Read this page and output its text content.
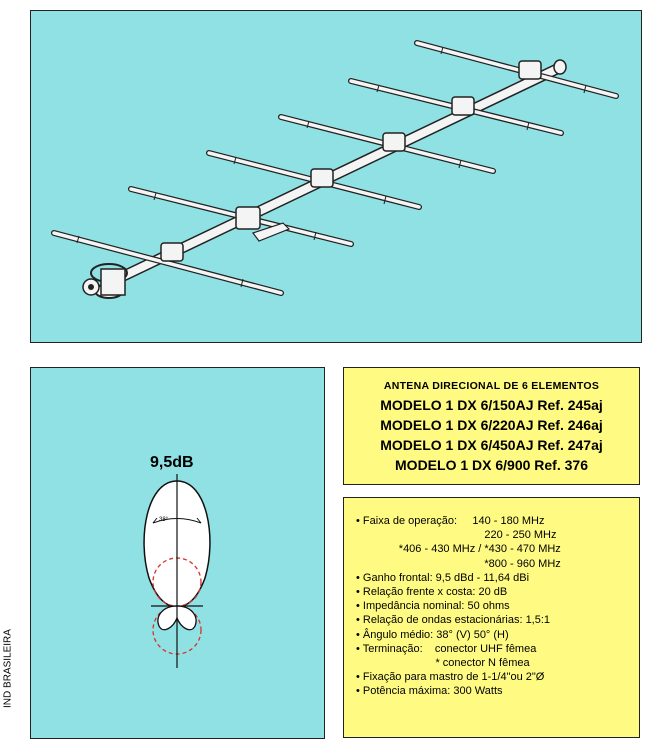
9,5dB
38°
ANTENA DIRECIONAL DE 6 ELEMENTOS
MODELO 1 DX 6/150AJ Ref. 245aj
MODELO 1 DX 6/220AJ Ref. 246aj
MODELO 1 DX 6/450AJ Ref. 247aj
MODELO 1 DX 6/900 Ref. 376
• Faixa de operação:     140 - 180 MHz
220 - 250 MHz
*406 - 430 MHz / *430 - 470 MHz
*800 - 960 MHz
• Ganho frontal: 9,5 dBd - 11,64 dBi
• Relação frente x costa: 20 dB
• Impedância nominal: 50 ohms
• Relação de ondas estacionárias: 1,5:1
• Ângulo médio: 38° (V) 50° (H)
• Terminação:    conector UHF fêmea
* conector N fêmea
• Fixação para mastro de 1-1/4"ou 2"Ø
• Potência máxima: 300 Watts
IND BRASILEIRA
